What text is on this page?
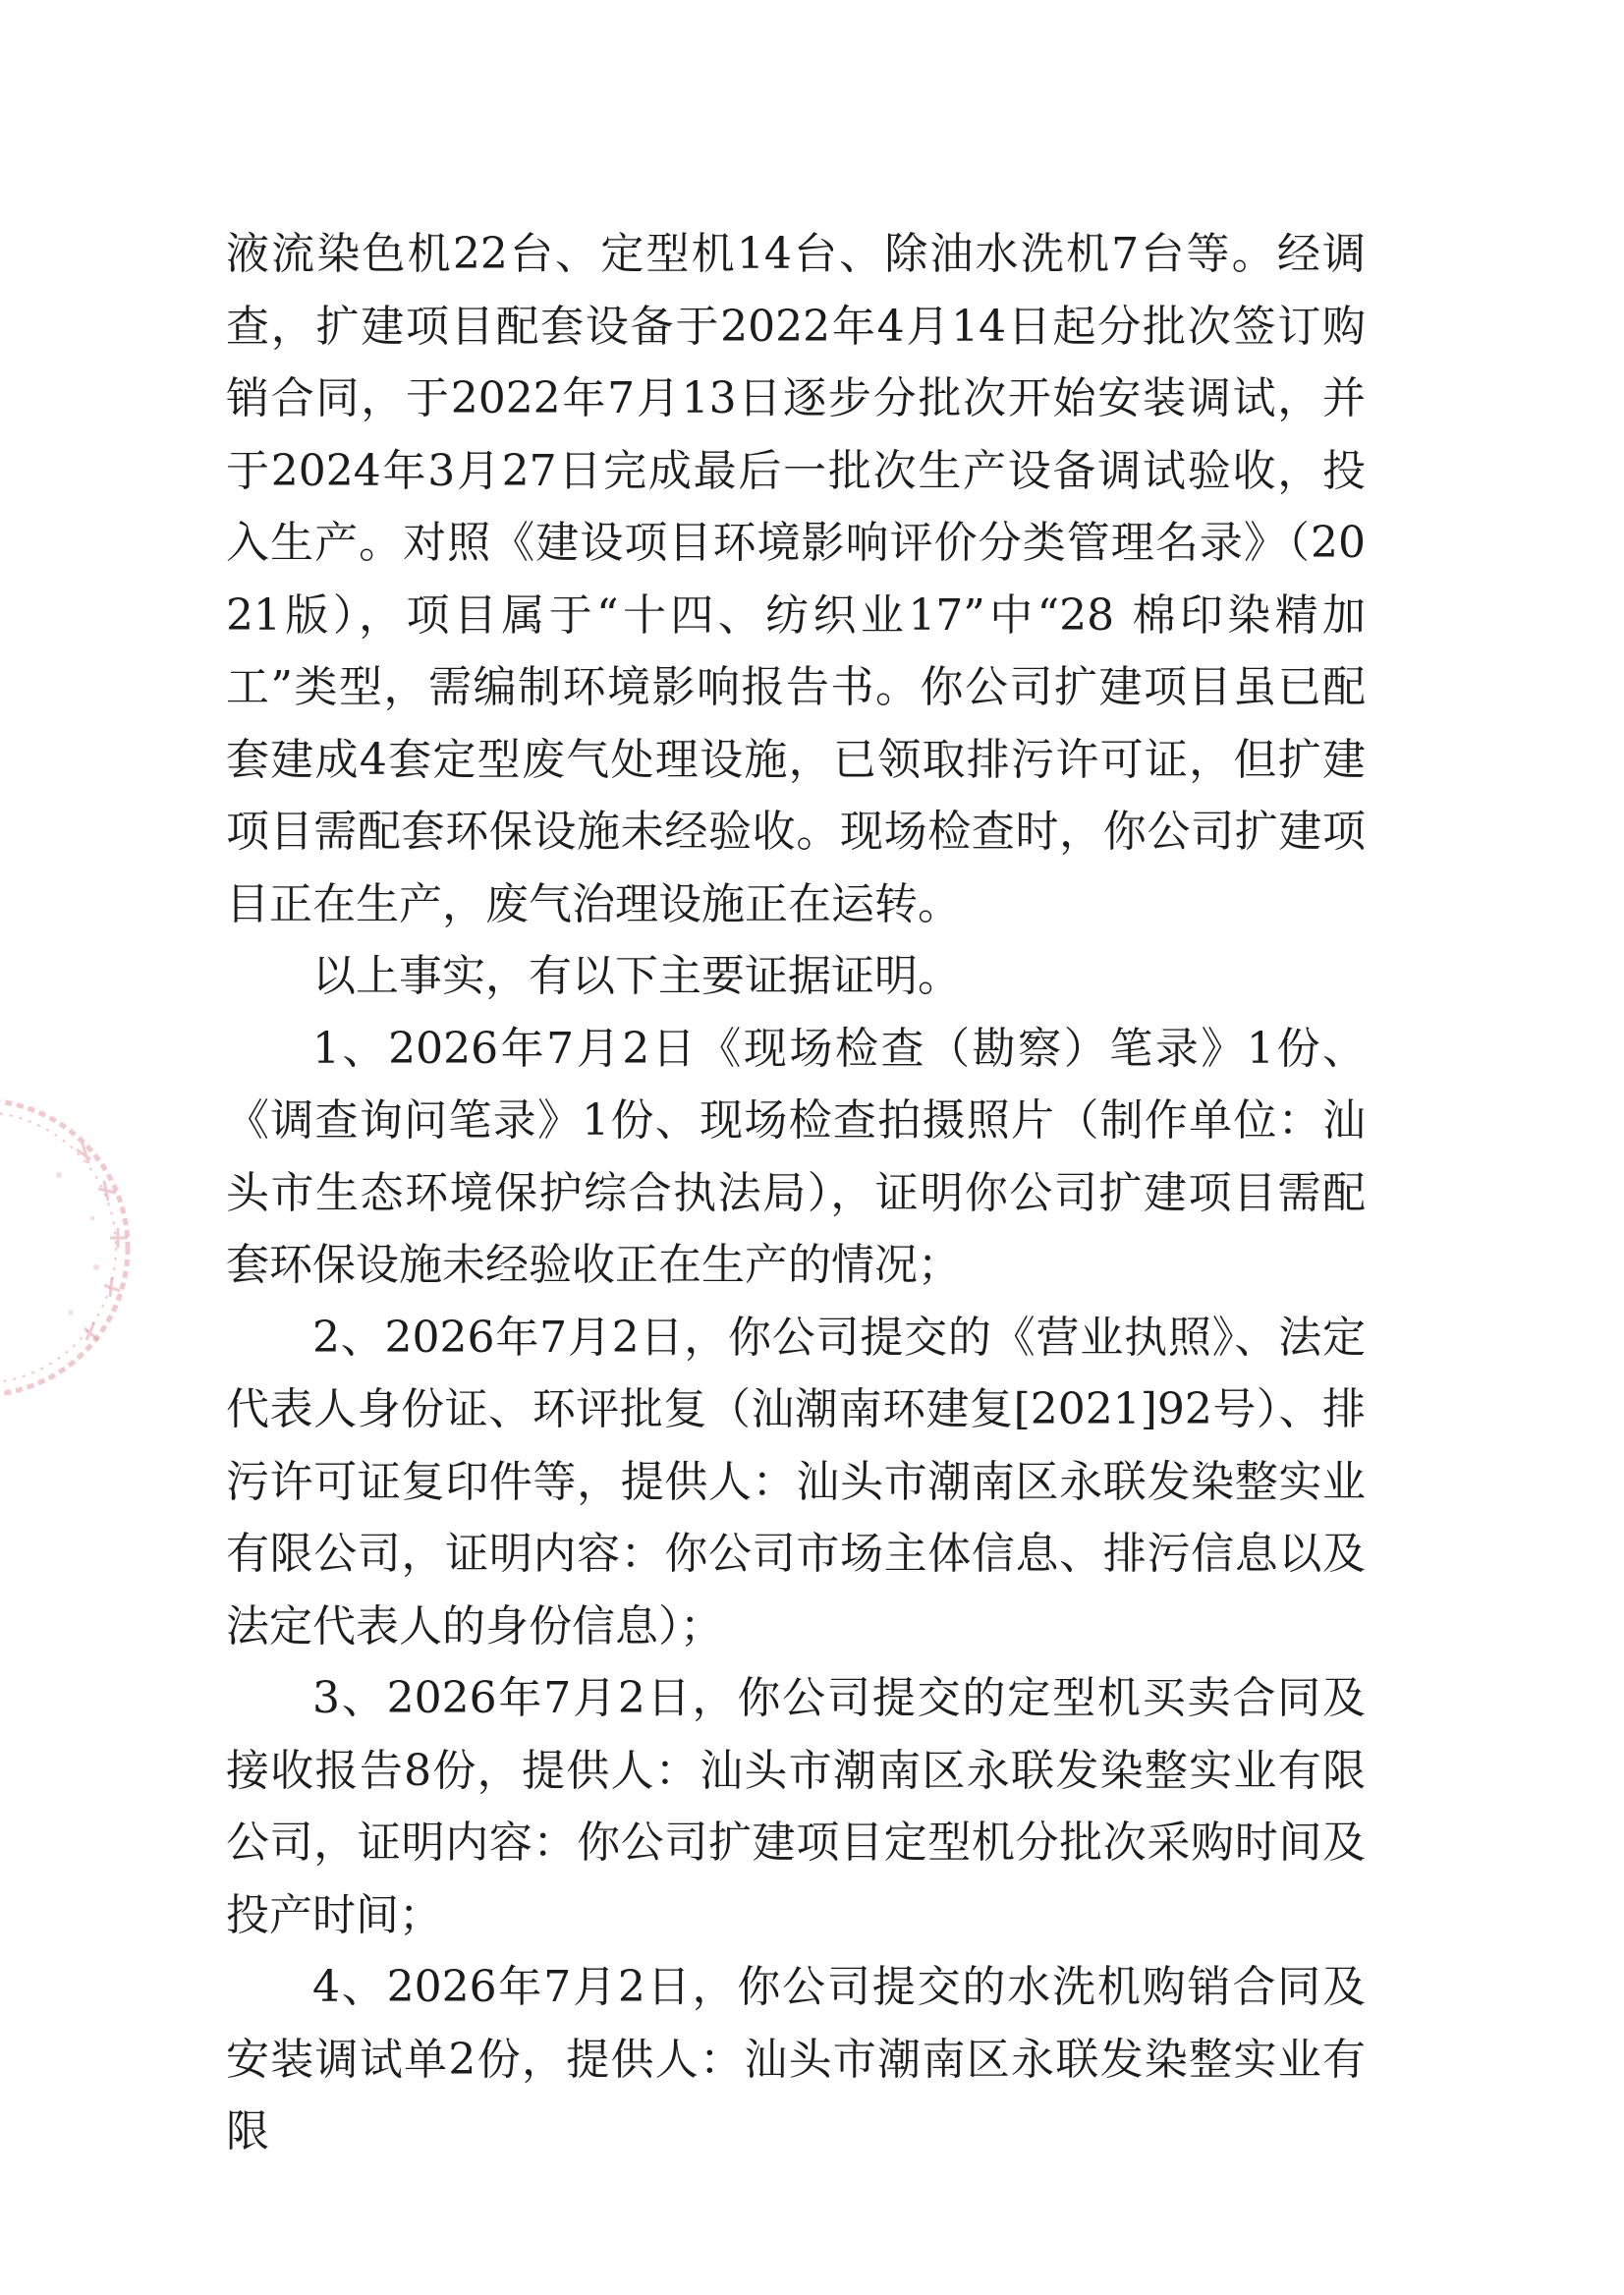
液流染色机22台、定型机14台、除油水洗机7台等。经调查，扩建项目配套设备于2022年4月14日起分批次签订购销合同，于2022年7月13日逐步分批次开始安装调试，并于2024年3月27日完成最后一批次生产设备调试验收，投入生产。对照《建设项目环境影响评价分类管理名录》（2021版），项目属于“十四、纺织业17”中“28 棉印染精加工”类型，需编制环境影响报告书。你公司扩建项目虽已配套建成4套定型废气处理设施，已领取排污许可证，但扩建项目需配套环保设施未经验收。现场检查时，你公司扩建项目正在生产，废气治理设施正在运转。

以上事实，有以下主要证据证明。

1、2026年7月2日《现场检查（勘察）笔录》1份、《调查询问笔录》1份、现场检查拍摄照片（制作单位：汕头市生态环境保护综合执法局），证明你公司扩建项目需配套环保设施未经验收正在生产的情况；

2、2026年7月2日，你公司提交的《营业执照》、法定代表人身份证、环评批复（汕潮南环建复[2021]92号）、排污许可证复印件等，提供人：汕头市潮南区永联发染整实业有限公司，证明内容：你公司市场主体信息、排污信息以及法定代表人的身份信息）；

3、2026年7月2日，你公司提交的定型机买卖合同及接收报告8份，提供人：汕头市潮南区永联发染整实业有限公司，证明内容：你公司扩建项目定型机分批次采购时间及投产时间；

4、2026年7月2日，你公司提交的水洗机购销合同及安装调试单2份，提供人：汕头市潮南区永联发染整实业有限
